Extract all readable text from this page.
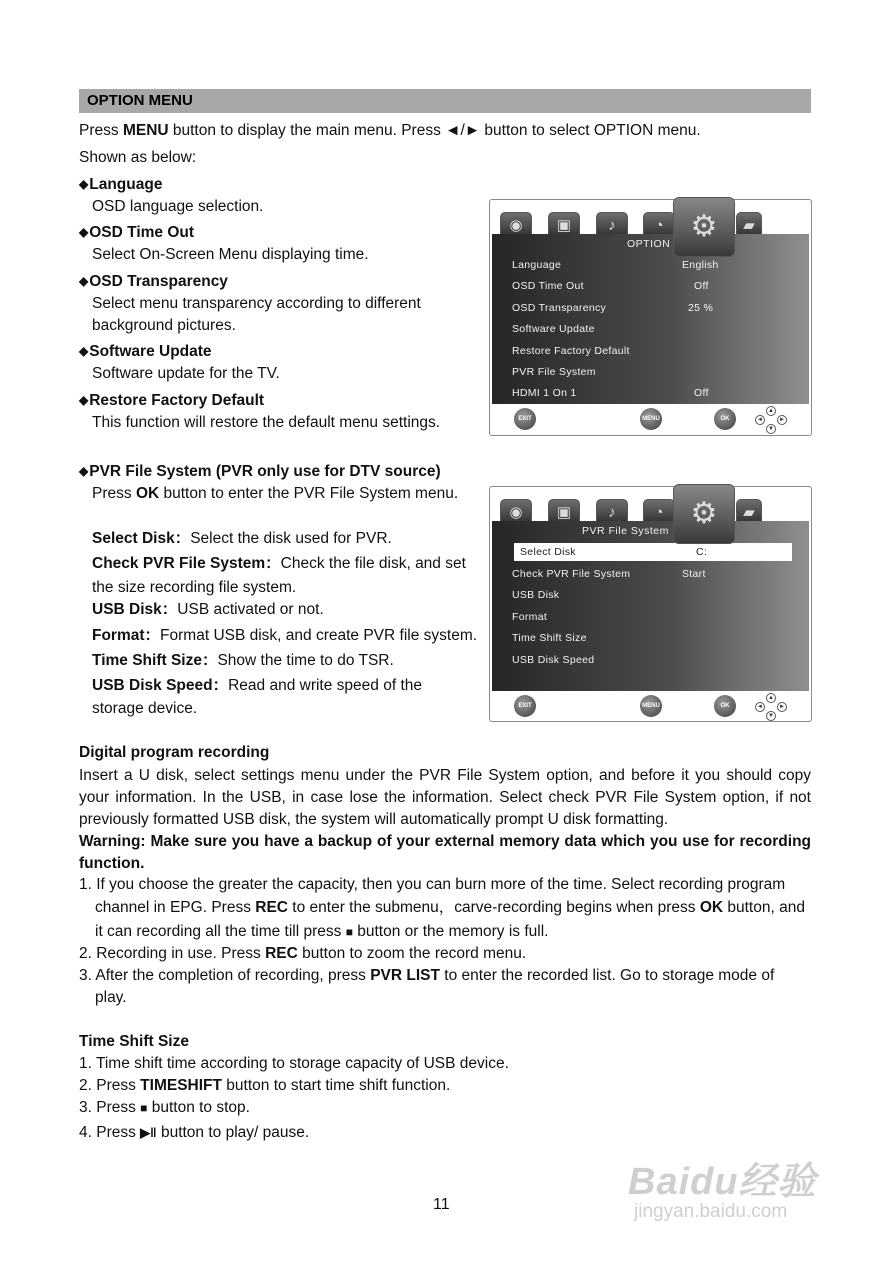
OPTION MENU
Press MENU button to display the main menu. Press ◄/► button to select OPTION menu.
Shown as below:
◆ Language
OSD language selection.
◆ OSD Time Out
Select On-Screen Menu displaying time.
◆ OSD Transparency
Select menu transparency according to different
background pictures.
◆ Software Update
Software update for the TV.
◆ Restore Factory Default
This function will restore the default menu settings.
◆ PVR File System (PVR only use for DTV source)
Press OK button to enter the PVR File System menu.
Select Disk：Select the disk used for PVR.
Check PVR File System：Check the file disk, and set
the size recording file system.
USB Disk：USB activated or not.
Format：Format USB disk, and create PVR file system.
Time Shift Size：Show the time to do TSR.
USB Disk Speed：Read and write speed of the
storage device.
◉	▣	♪	◔ ⚙	▰
OPTION
Language	English
OSD Time Out	Off
OSD Transparency	25 %
Software Update
Restore Factory Default
PVR File System
HDMI 1 On 1	Off
EXIT	MENU	OK
▲
◄	►
▼
◉	▣	♪	◔ ⚙	▰
PVR File System
Select Disk	C:
Check PVR File System	Start
USB Disk
Format
Time Shift Size
USB Disk Speed
EXIT	MENU	OK
▲
◄	►
▼
Digital program recording
Insert a U disk, select settings menu under the PVR File System option, and before it you should copy your information. In the USB, in case lose the information. Select check PVR File System option, if not previously formatted USB disk, the system will automatically prompt U disk formatting.
Warning: Make sure you have a backup of your external memory data which you use for recording function.
1. If you choose the greater the capacity, then you can burn more of the time. Select recording program
channel in EPG. Press REC to enter the submenu，carve-recording begins when press OK button, and
it can recording all the time till press ■ button or the memory is full.
2. Recording in use. Press REC button to zoom the record menu.
3. After the completion of recording, press PVR LIST to enter the recorded list. Go to storage mode of
play.
Time Shift Size
1. Time shift time according to storage capacity of USB device.
2. Press TIMESHIFT button to start time shift function.
3. Press ■ button to stop.
4. Press ▶‖ button to play/ pause.
11
Baidu经验
jingyan.baidu.com
